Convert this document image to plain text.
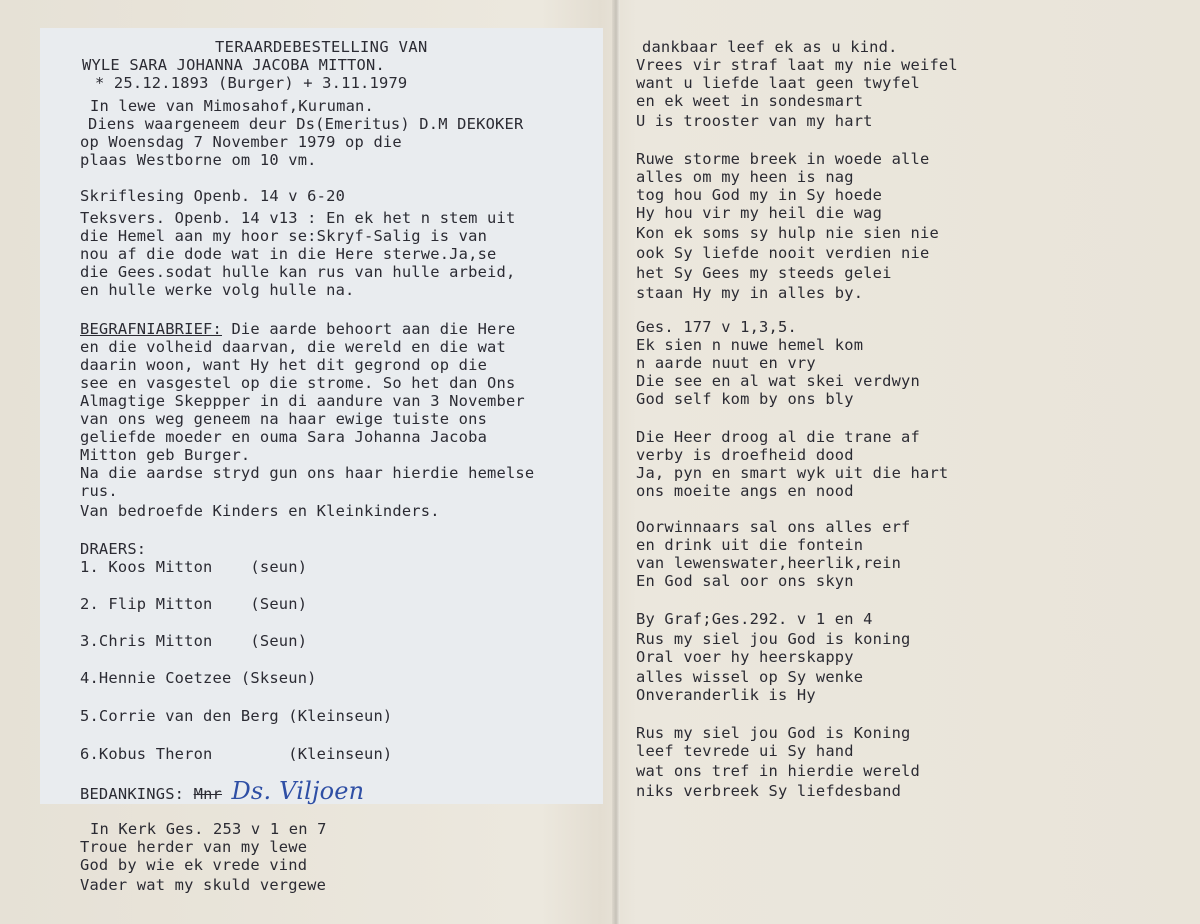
TERAARDEBESTELLING VAN
WYLE SARA JOHANNA JACOBA MITTON.
* 25.12.1893 (Burger) + 3.11.1979
In lewe van Mimosahof,Kuruman.
Diens waargeneem deur Ds(Emeritus) D.M DEKOKER
op Woensdag 7 November 1979 op die
plaas Westborne om 10 vm.
Skriflesing Openb. 14 v 6-20
Teksvers. Openb. 14 v13 : En ek het n stem uit
die Hemel aan my hoor se:Skryf-Salig is van
nou af die dode wat in die Here sterwe.Ja,se
die Gees.sodat hulle kan rus van hulle arbeid,
en hulle werke volg hulle na.
BEGRAFNIABRIEF: Die aarde behoort aan die Here
en die volheid daarvan, die wereld en die wat
daarin woon, want Hy het dit gegrond op die
see en vasgestel op die strome. So het dan Ons
Almagtige Skeppper in di aandure van 3 November
van ons weg geneem na haar ewige tuiste ons
geliefde moeder en ouma Sara Johanna Jacoba
Mitton geb Burger.
Na die aardse stryd gun ons haar hierdie hemelse
rus.
Van bedroefde Kinders en Kleinkinders.
DRAERS:
1. Koos Mitton    (seun)
2. Flip Mitton    (Seun)
3.Chris Mitton    (Seun)
4.Hennie Coetzee (Skseun)
5.Corrie van den Berg (Kleinseun)
6.Kobus Theron        (Kleinseun)
BEDANKINGS: Mnr Ds. Viljoen
In Kerk Ges. 253 v 1 en 7
Troue herder van my lewe
God by wie ek vrede vind
Vader wat my skuld vergewe
dankbaar leef ek as u kind.
Vrees vir straf laat my nie weifel
want u liefde laat geen twyfel
en ek weet in sondesmart
U is trooster van my hart
Ruwe storme breek in woede alle
alles om my heen is nag
tog hou God my in Sy hoede
Hy hou vir my heil die wag
Kon ek soms sy hulp nie sien nie
ook Sy liefde nooit verdien nie
het Sy Gees my steeds gelei
staan Hy my in alles by.
Ges. 177 v 1,3,5.
Ek sien n nuwe hemel kom
n aarde nuut en vry
Die see en al wat skei verdwyn
God self kom by ons bly
Die Heer droog al die trane af
verby is droefheid dood
Ja, pyn en smart wyk uit die hart
ons moeite angs en nood
Oorwinnaars sal ons alles erf
en drink uit die fontein
van lewenswater,heerlik,rein
En God sal oor ons skyn
By Graf;Ges.292. v 1 en 4
Rus my siel jou God is koning
Oral voer hy heerskappy
alles wissel op Sy wenke
Onveranderlik is Hy
Rus my siel jou God is Koning
leef tevrede ui Sy hand
wat ons tref in hierdie wereld
niks verbreek Sy liefdesband
